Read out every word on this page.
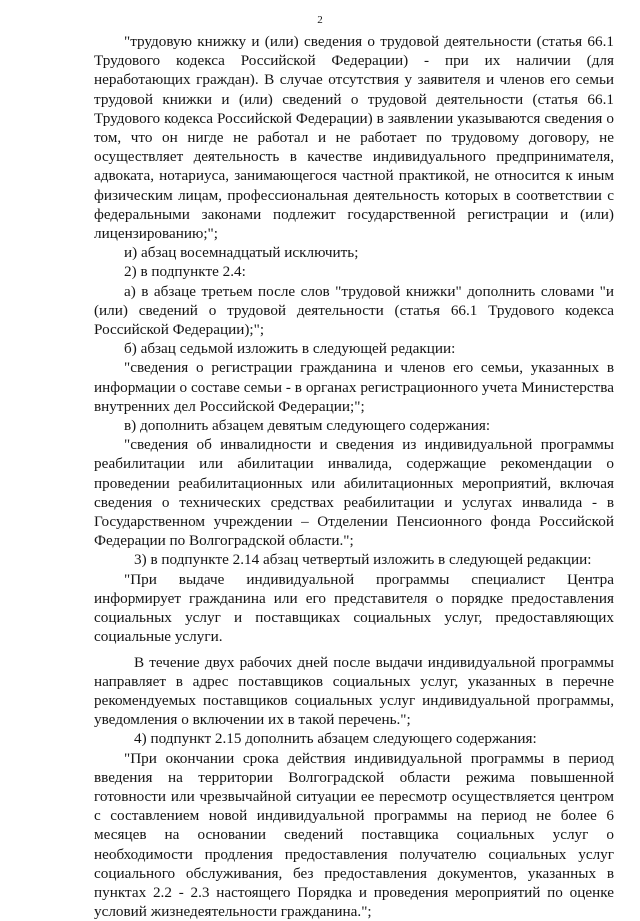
2

"трудовую книжку и (или) сведения о трудовой деятельности (статья 66.1 Трудового кодекса Российской Федерации) - при их наличии (для неработающих граждан). В случае отсутствия у заявителя и членов его семьи трудовой книжки и (или) сведений о трудовой деятельности (статья 66.1 Трудового кодекса Российской Федерации) в заявлении указываются сведения о том, что он нигде не работал и не работает по трудовому договору, не осуществляет деятельность в качестве индивидуального предпринимателя, адвоката, нотариуса, занимающегося частной практикой, не относится к иным физическим лицам, профессиональная деятельность которых в соответствии с федеральными законами подлежит государственной регистрации и (или) лицензированию;";

и) абзац восемнадцатый исключить;

2) в подпункте 2.4:

а) в абзаце третьем после слов "трудовой книжки" дополнить словами "и (или) сведений о трудовой деятельности (статья 66.1 Трудового кодекса Российской Федерации);";

б) абзац седьмой изложить в следующей редакции:

"сведения о регистрации гражданина и членов его семьи, указанных в информации о составе семьи - в органах регистрационного учета Министерства внутренних дел Российской Федерации;";

в) дополнить абзацем девятым следующего содержания:

"сведения об инвалидности и сведения из индивидуальной программы реабилитации или абилитации инвалида, содержащие рекомендации о проведении реабилитационных или абилитационных мероприятий, включая сведения о технических средствах реабилитации и услугах инвалида - в Государственном учреждении – Отделении Пенсионного фонда Российской Федерации по Волгоградской области.";

3) в подпункте 2.14 абзац четвертый изложить в следующей редакции:

"При выдаче индивидуальной программы специалист Центра информирует гражданина или его представителя о порядке предоставления социальных услуг и поставщиках социальных услуг, предоставляющих социальные услуги.

В течение двух рабочих дней после выдачи индивидуальной программы направляет в адрес поставщиков социальных услуг, указанных в перечне рекомендуемых поставщиков социальных услуг индивидуальной программы, уведомления о включении их в такой перечень.";

4) подпункт 2.15 дополнить абзацем следующего содержания:

"При окончании срока действия индивидуальной программы в период введения на территории Волгоградской области режима повышенной готовности или чрезвычайной ситуации ее пересмотр осуществляется центром с составлением новой индивидуальной программы на период не более 6 месяцев на основании сведений поставщика социальных услуг о необходимости продления предоставления получателю социальных услуг социального обслуживания, без предоставления документов, указанных в пунктах 2.2 - 2.3 настоящего Порядка и проведения мероприятий по оценке условий жизнедеятельности гражданина.";
